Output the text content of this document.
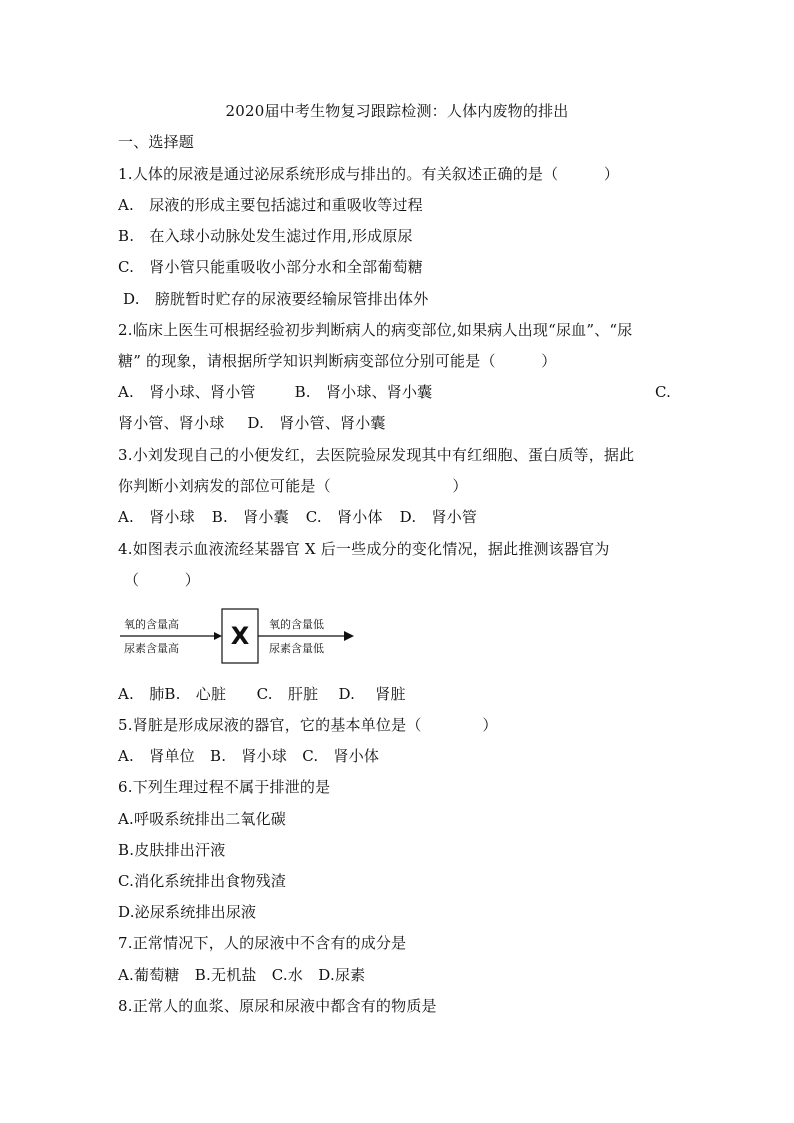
2020届中考生物复习跟踪检测：人体内废物的排出
一、选择题
1.人体的尿液是通过泌尿系统形成与排出的。有关叙述正确的是（　　　）
A.　尿液的形成主要包括滤过和重吸收等过程
B.　在入球小动脉处发生滤过作用,形成原尿
C.　肾小管只能重吸收小部分水和全部葡萄糖
D.　膀胱暂时贮存的尿液要经输尿管排出体外
2.临床上医生可根据经验初步判断病人的病变部位,如果病人出现“尿血”、“尿
糖” 的现象，请根据所学知识判断病变部位分别可能是（　　　）
A.　肾小球、肾小管	B.　肾小球、肾小囊	C.
肾小管、肾小球 D.　肾小管、肾小囊
3.小刘发现自己的小便发红，去医院验尿发现其中有红细胞、蛋白质等，据此
你判断小刘病发的部位可能是（　　　　　　　　）
A.　肾小球 B.　肾小囊 C.　肾小体 D.　肾小管
4.如图表示血液流经某器官 X 后一些成分的变化情况，据此推测该器官为
（　　　）
氧的含量高
尿素含量高 X 氧的含量低
尿素含量低
A.　肺B.　心脏　　C.　肝脏　 D.　 肾脏
5.肾脏是形成尿液的器官，它的基本单位是（　　　　）
A.　肾单位　B.　肾小球　C.　肾小体
6.下列生理过程不属于排泄的是
A.呼吸系统排出二氧化碳
B.皮肤排出汗液
C.消化系统排出食物残渣
D.泌尿系统排出尿液
7.正常情况下，人的尿液中不含有的成分是
A.葡萄糖　B.无机盐　C.水　D.尿素
8.正常人的血浆、原尿和尿液中都含有的物质是
